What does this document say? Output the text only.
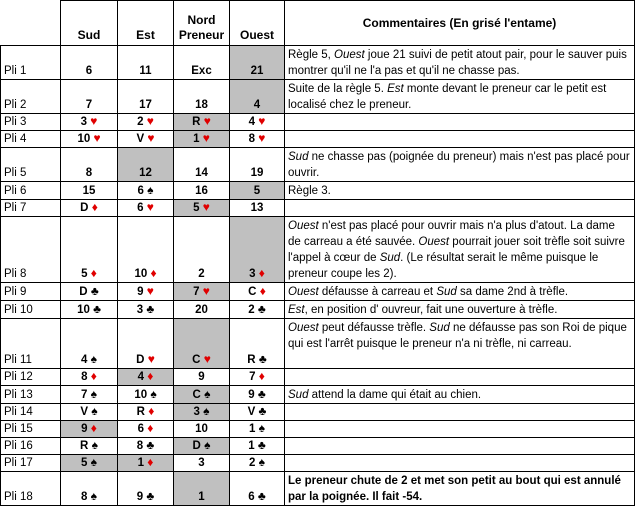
	Sud	Est	Nord Preneur	Ouest	Commentaires (En grisé l'entame)
Pli 1	6	11	Exc	21	Règle 5, Ouest joue 21 suivi de petit atout pair, pour le sauver puis montrer qu'il ne l'a pas et qu'il ne chasse pas.
Pli 2	7	17	18	4	Suite de la règle 5. Est monte devant le preneur car le petit est localisé chez le preneur.
Pli 3	3 ♥	2 ♥	R ♥	4 ♥	
Pli 4	10 ♥	V ♥	1 ♥	8 ♥	
Pli 5	8	12	14	19	Sud ne chasse pas (poignée du preneur) mais n'est pas placé pour ouvrir.
Pli 6	15	6 ♠	16	5	Règle 3.
Pli 7	D ♦	6 ♥	5 ♥	13	
Pli 8	5 ♦	10 ♦	2	3 ♦	Ouest n'est pas placé pour ouvrir mais n'a plus d'atout. La dame de carreau a été sauvée. Ouest pourrait jouer soit trèfle soit suivre l'appel à cœur de Sud. (Le résultat serait le même puisque le preneur coupe les 2).
Pli 9	D ♣	9 ♥	7 ♥	C ♦	Ouest défausse à carreau et Sud sa dame 2nd à trèfle.
Pli 10	10 ♣	3 ♣	20	2 ♣	Est, en position d' ouvreur, fait une ouverture à trèfle.
Pli 11	4 ♠	D ♥	C ♥	R ♣	Ouest peut défausse trèfle. Sud ne défausse pas son Roi de pique qui est l'arrêt puisque le preneur n'a ni trèfle, ni carreau.
Pli 12	8 ♦	4 ♦	9	7 ♦	
Pli 13	7 ♠	10 ♠	C ♠	9 ♣	Sud attend la dame qui était au chien.
Pli 14	V ♠	R ♦	3 ♠	V ♣	
Pli 15	9 ♦	6 ♦	10	1 ♠	
Pli 16	R ♠	8 ♣	D ♠	1 ♣	
Pli 17	5 ♠	1 ♦	3	2 ♠	
Pli 18	8 ♠	9 ♣	1	6 ♣	Le preneur chute de 2 et met son petit au bout qui est annulé par la poignée. Il fait -54.
